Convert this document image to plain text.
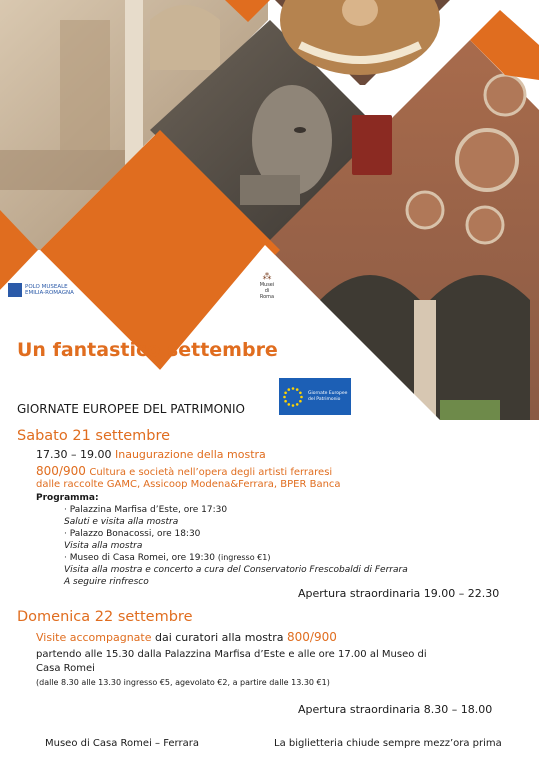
POLO MUSEALE
EMILIA-ROMAGNA
⁂
Musei
di
Roma
Un fantastico settembre
GIORNATE EUROPEE DEL PATRIMONIO
Giornate Europee
del Patrimonio
Sabato 21 settembre
17.30 – 19.00 Inaugurazione della mostra
800/900 Cultura e società nell’opera degli artisti ferraresi
dalle raccolte GAMC, Assicoop Modena&Ferrara, BPER Banca
Programma:
· Palazzina Marfisa d’Este, ore 17:30
Saluti e visita alla mostra
· Palazzo Bonacossi, ore 18:30
Visita alla mostra
· Museo di Casa Romei, ore 19:30 (ingresso €1)
Visita alla mostra e concerto a cura del Conservatorio Frescobaldi di Ferrara
A seguire rinfresco
Apertura straordinaria 19.00 – 22.30
Domenica 22 settembre
Visite accompagnate dai curatori alla mostra 800/900
partendo alle 15.30 dalla Palazzina Marfisa d’Este e alle ore 17.00 al Museo di
Casa Romei
(dalle 8.30 alle 13.30 ingresso €5, agevolato €2, a partire dalle 13.30 €1)
Apertura straordinaria 8.30 – 18.00
Museo di Casa Romei – Ferrara	La biglietteria chiude sempre mezz’ora prima
